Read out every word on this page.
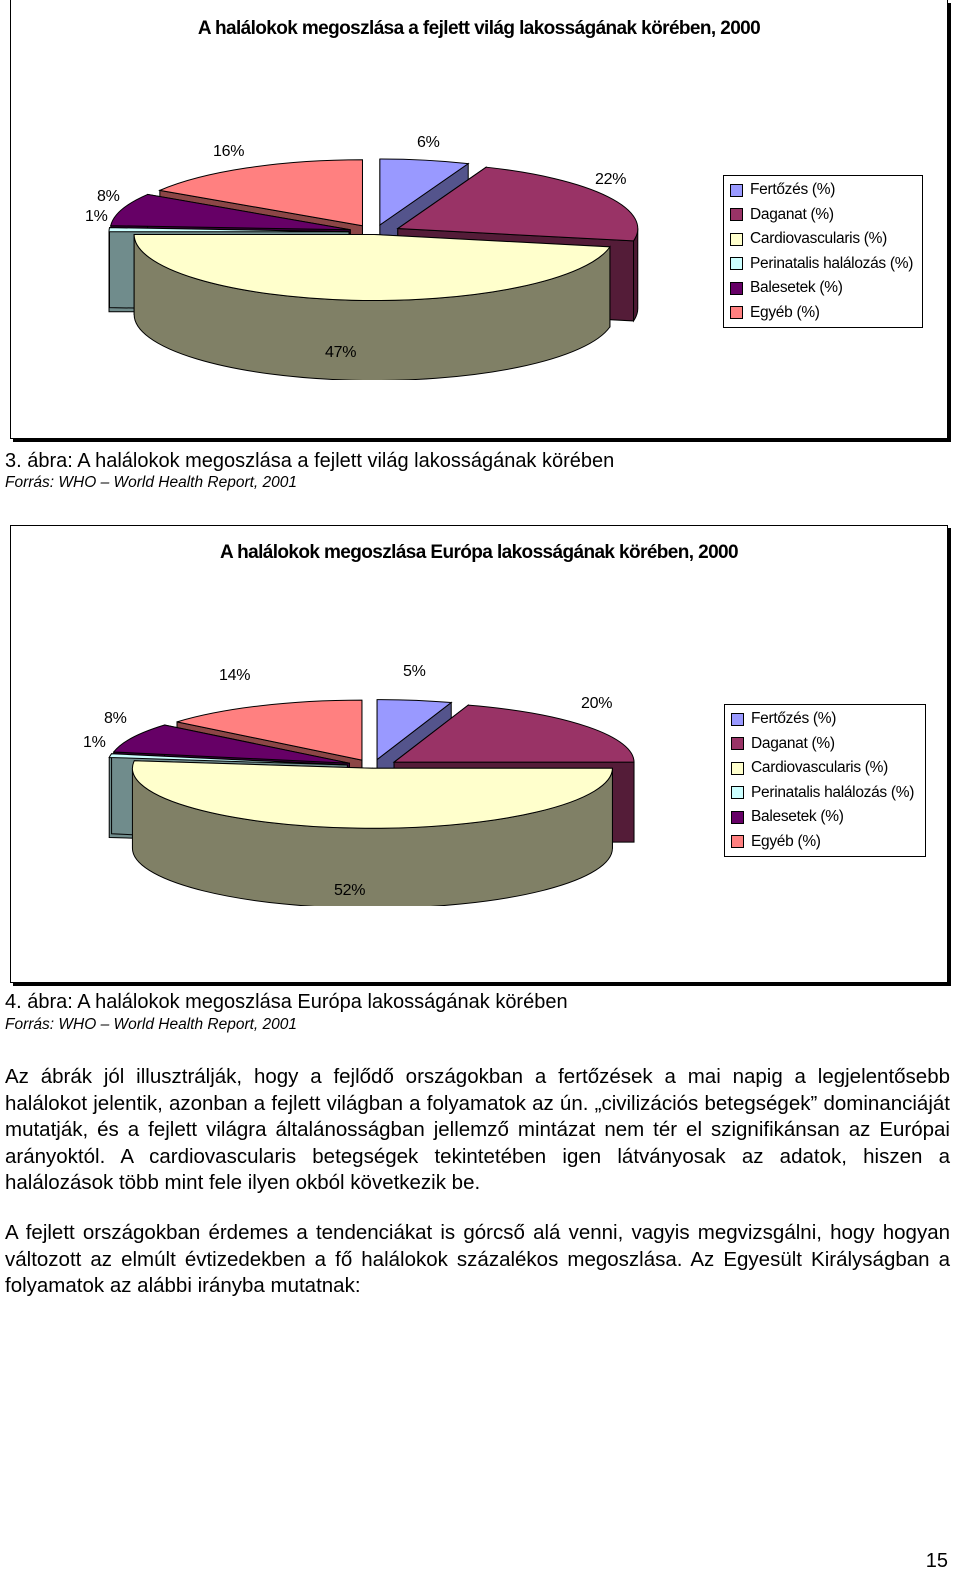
A halálokok megoszlása a fejlett világ lakosságának körében, 2000
16%
6%
22%
8%
1%
47%
Fertőzés (%)
Daganat (%)
Cardiovascularis (%)
Perinatalis halálozás (%)
Balesetek (%)
Egyéb (%)
3. ábra: A halálokok megoszlása a fejlett világ lakosságának körében
Forrás: WHO – World Health Report, 2001
A halálokok megoszlása Európa lakosságának körében, 2000
14%	5%
20%
8%
1%
52%
Fertőzés (%)
Daganat (%)
Cardiovascularis (%)
Perinatalis halálozás (%)
Balesetek (%)
Egyéb (%)
4. ábra: A halálokok megoszlása Európa lakosságának körében
Forrás: WHO – World Health Report, 2001
Az ábrák jól illusztrálják, hogy a fejlődő országokban a fertőzések a mai napig a legjelentősebb halálokot jelentik, azonban a fejlett világban a folyamatok az ún. „civilizációs betegségek” dominanciáját mutatják, és a fejlett világra általánosságban jellemző mintázat nem tér el szignifikánsan az Európai arányoktól. A cardiovascularis betegségek tekintetében igen látványosak az adatok, hiszen a halálozások több mint fele ilyen okból következik be.
A fejlett országokban érdemes a tendenciákat is górcső alá venni, vagyis megvizsgálni, hogy hogyan változott az elmúlt évtizedekben a fő halálokok százalékos megoszlása. Az Egyesült Királyságban a folyamatok az alábbi irányba mutatnak:
15
